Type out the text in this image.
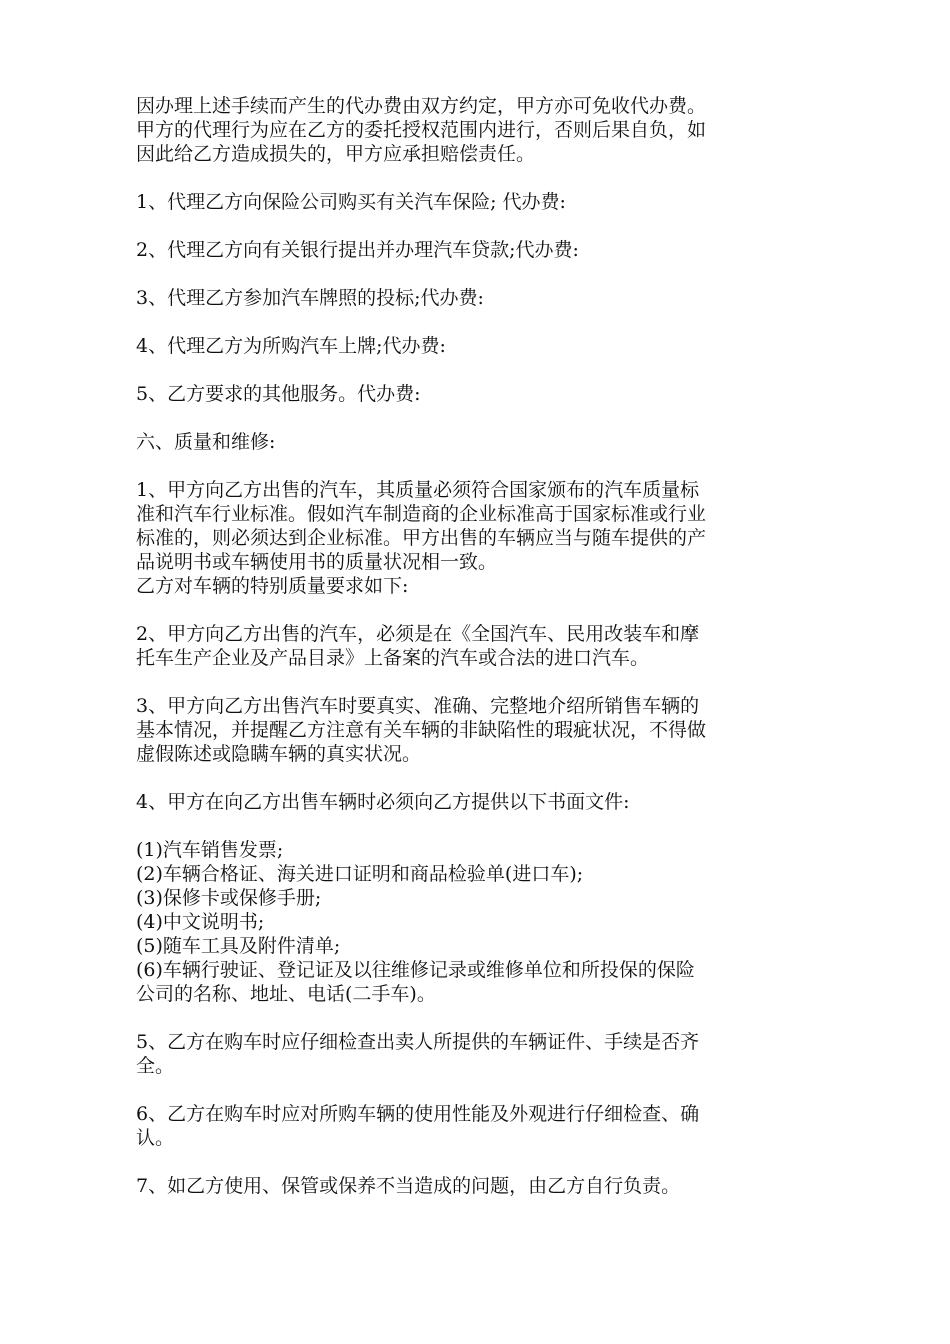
因办理上述手续而产生的代办费由双方约定，甲方亦可免收代办费。
甲方的代理行为应在乙方的委托授权范围内进行，否则后果自负，如
因此给乙方造成损失的，甲方应承担赔偿责任。
1、代理乙方向保险公司购买有关汽车保险; 代办费:
2、代理乙方向有关银行提出并办理汽车贷款;代办费:
3、代理乙方参加汽车牌照的投标;代办费:
4、代理乙方为所购汽车上牌;代办费:
5、乙方要求的其他服务。代办费:
六、质量和维修:
1、甲方向乙方出售的汽车，其质量必须符合国家颁布的汽车质量标
准和汽车行业标准。假如汽车制造商的企业标准高于国家标准或行业
标准的，则必须达到企业标准。甲方出售的车辆应当与随车提供的产
品说明书或车辆使用书的质量状况相一致。
乙方对车辆的特别质量要求如下:
2、甲方向乙方出售的汽车，必须是在《全国汽车、民用改装车和摩
托车生产企业及产品目录》上备案的汽车或合法的进口汽车。
3、甲方向乙方出售汽车时要真实、准确、完整地介绍所销售车辆的
基本情况，并提醒乙方注意有关车辆的非缺陷性的瑕疵状况，不得做
虚假陈述或隐瞒车辆的真实状况。
4、甲方在向乙方出售车辆时必须向乙方提供以下书面文件:
(1)汽车销售发票;
(2)车辆合格证、海关进口证明和商品检验单(进口车);
(3)保修卡或保修手册;
(4)中文说明书;
(5)随车工具及附件清单;
(6)车辆行驶证、登记证及以往维修记录或维修单位和所投保的保险
公司的名称、地址、电话(二手车)。
5、乙方在购车时应仔细检查出卖人所提供的车辆证件、手续是否齐
全。
6、乙方在购车时应对所购车辆的使用性能及外观进行仔细检查、确
认。
7、如乙方使用、保管或保养不当造成的问题，由乙方自行负责。
